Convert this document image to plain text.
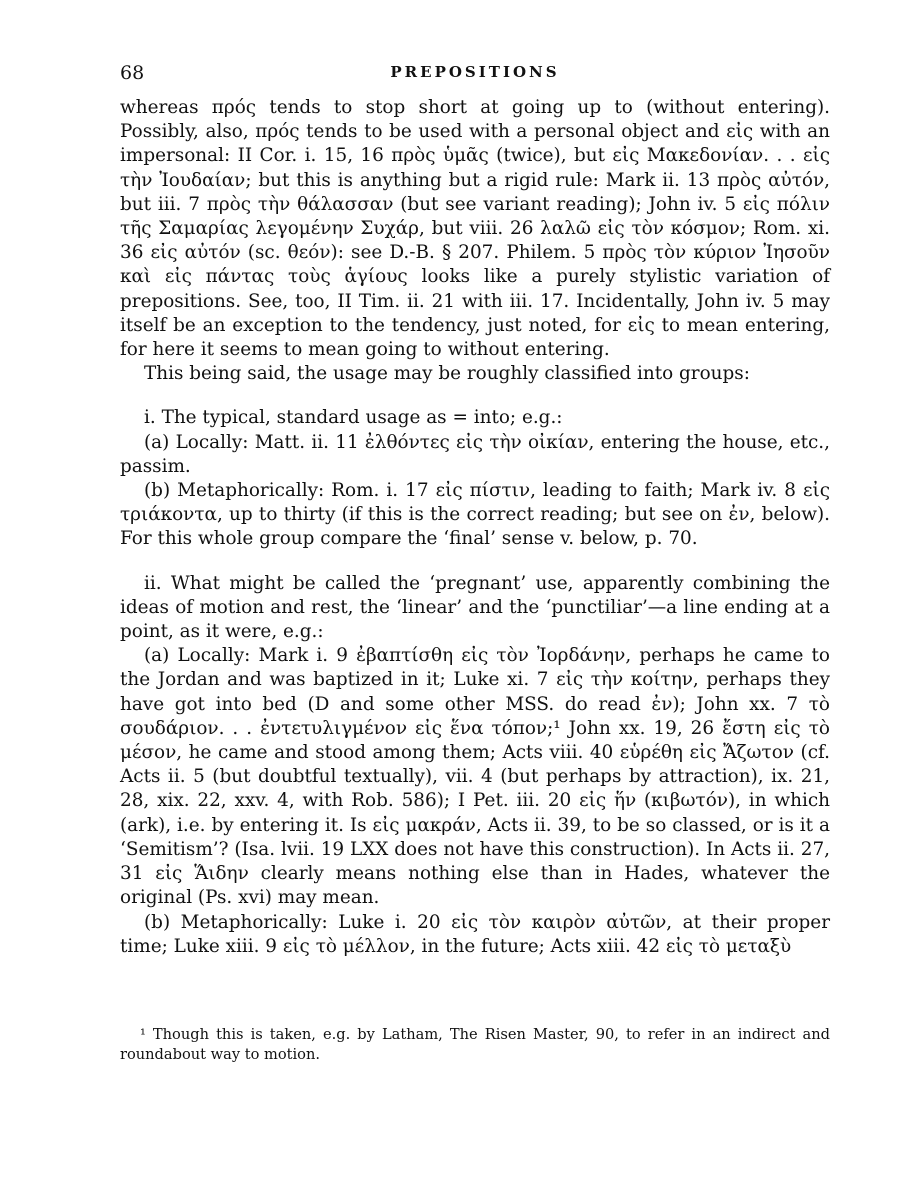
68	PREPOSITIONS

whereas πρός tends to stop short at going up to (without entering). Possibly, also, πρός tends to be used with a personal object and εἰς with an impersonal: II Cor. i. 15, 16 πρὸς ὑμᾶς (twice), but εἰς Μακεδονίαν. . . εἰς τὴν Ἰουδαίαν; but this is anything but a rigid rule: Mark ii. 13 πρὸς αὐτόν, but iii. 7 πρὸς τὴν θάλασσαν (but see variant reading); John iv. 5 εἰς πόλιν τῆς Σαμαρίας λεγομένην Συχάρ, but viii. 26 λαλῶ εἰς τὸν κόσμον; Rom. xi. 36 εἰς αὐτόν (sc. θεόν): see D.-B. § 207. Philem. 5 πρὸς τὸν κύριον Ἰησοῦν καὶ εἰς πάντας τοὺς ἁγίους looks like a purely stylistic variation of prepositions. See, too, II Tim. ii. 21 with iii. 17. Incidentally, John iv. 5 may itself be an exception to the tendency, just noted, for εἰς to mean entering, for here it seems to mean going to without entering.

This being said, the usage may be roughly classified into groups:

i. The typical, standard usage as = into; e.g.:

(a) Locally: Matt. ii. 11 ἐλθόντες εἰς τὴν οἰκίαν, entering the house, etc., passim.

(b) Metaphorically: Rom. i. 17 εἰς πίστιν, leading to faith; Mark iv. 8 εἰς τριάκοντα, up to thirty (if this is the correct reading; but see on ἐν, below). For this whole group compare the ‘final’ sense v. below, p. 70.

ii. What might be called the ‘pregnant’ use, apparently combining the ideas of motion and rest, the ‘linear’ and the ‘punctiliar’—a line ending at a point, as it were, e.g.:

(a) Locally: Mark i. 9 ἐβαπτίσθη εἰς τὸν Ἰορδάνην, perhaps he came to the Jordan and was baptized in it; Luke xi. 7 εἰς τὴν κοίτην, perhaps they have got into bed (D and some other MSS. do read ἐν); John xx. 7 τὸ σουδάριον. . . ἐντετυλιγμένον εἰς ἕνα τόπον;¹ John xx. 19, 26 ἔστη εἰς τὸ μέσον, he came and stood among them; Acts viii. 40 εὑρέθη εἰς Ἄζωτον (cf. Acts ii. 5 (but doubtful textually), vii. 4 (but perhaps by attraction), ix. 21, 28, xix. 22, xxv. 4, with Rob. 586); I Pet. iii. 20 εἰς ἥν (κιβωτόν), in which (ark), i.e. by entering it. Is εἰς μακράν, Acts ii. 39, to be so classed, or is it a ‘Semitism’? (Isa. lvii. 19 LXX does not have this construction). In Acts ii. 27, 31 εἰς Ἅιδην clearly means nothing else than in Hades, whatever the original (Ps. xvi) may mean.

(b) Metaphorically: Luke i. 20 εἰς τὸν καιρὸν αὐτῶν, at their proper time; Luke xiii. 9 εἰς τὸ μέλλον, in the future; Acts xiii. 42 εἰς τὸ μεταξὺ

¹ Though this is taken, e.g. by Latham, The Risen Master, 90, to refer in an indirect and roundabout way to motion.
